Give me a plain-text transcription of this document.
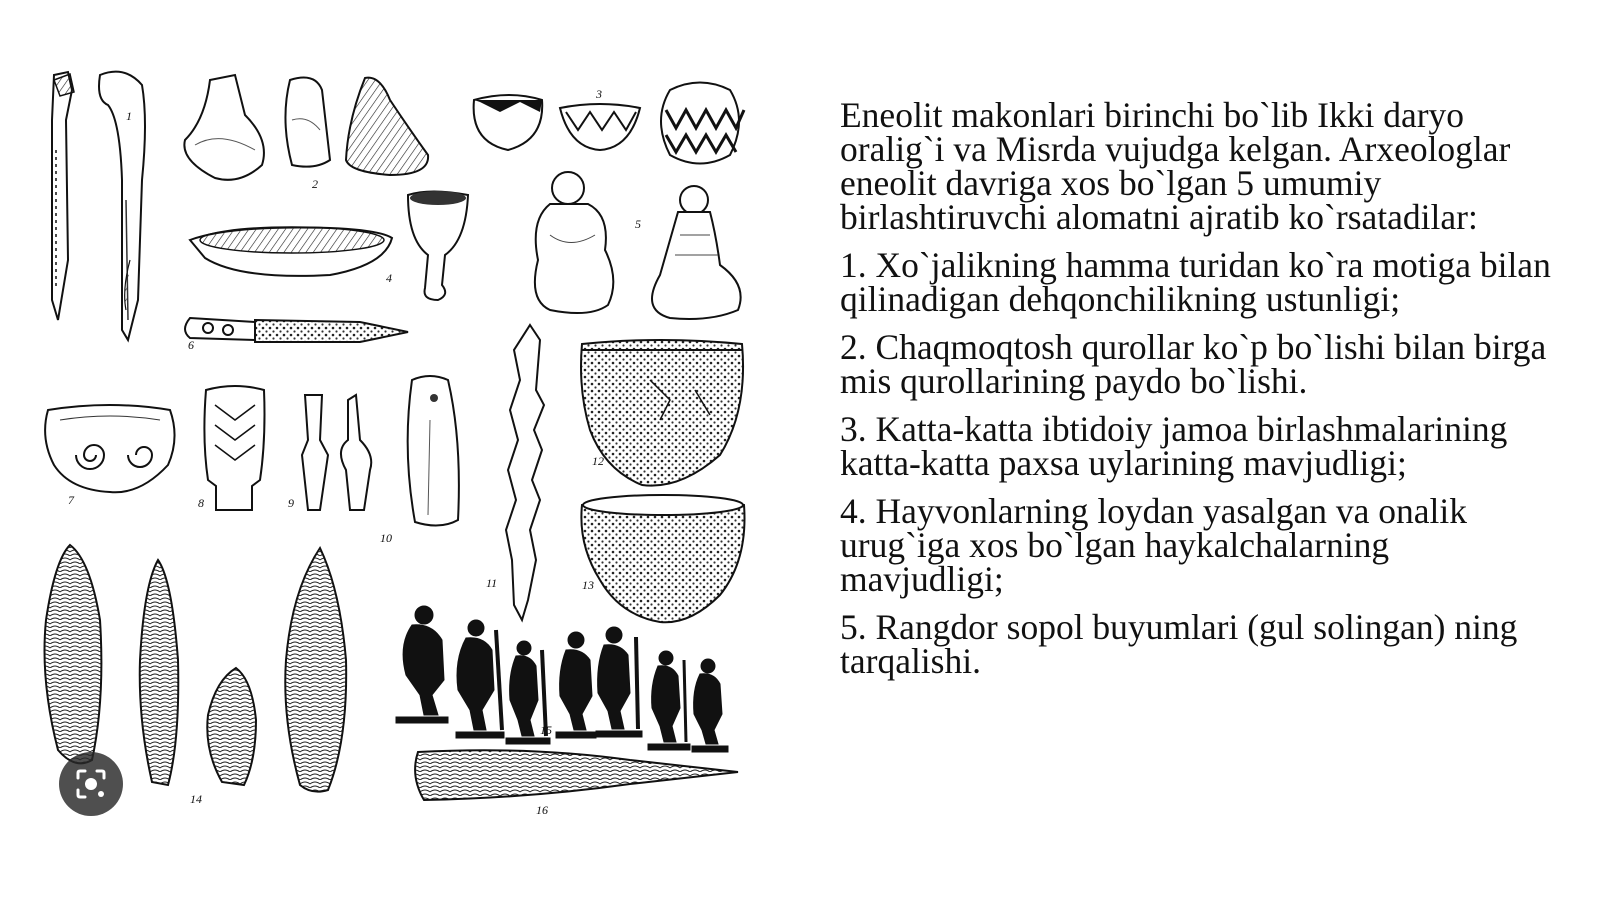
1
2
3
4
5
6
7	8	9
10
11
12
13
14
15
16

Eneolit makonlari birinchi bo`lib Ikki daryo oralig`i va Misrda vujudga kelgan. Arxeologlar eneolit davriga xos bo`lgan 5 umumiy birlashtiruvchi alomatni ajratib ko`rsatadilar:

1. Xo`jalikning hamma turidan ko`ra motiga bilan qilinadigan dehqonchilikning ustunligi;

2. Chaqmoqtosh qurollar ko`p bo`lishi bilan birga mis qurollarining paydo bo`lishi.

3. Katta-katta ibtidoiy jamoa birlashmalarining katta-katta paxsa uylarining mavjudligi;

4. Hayvonlarning loydan yasalgan va onalik urug`iga xos bo`lgan haykalchalarning mavjudligi;

5. Rangdor sopol buyumlari (gul solingan) ning tarqalishi.
